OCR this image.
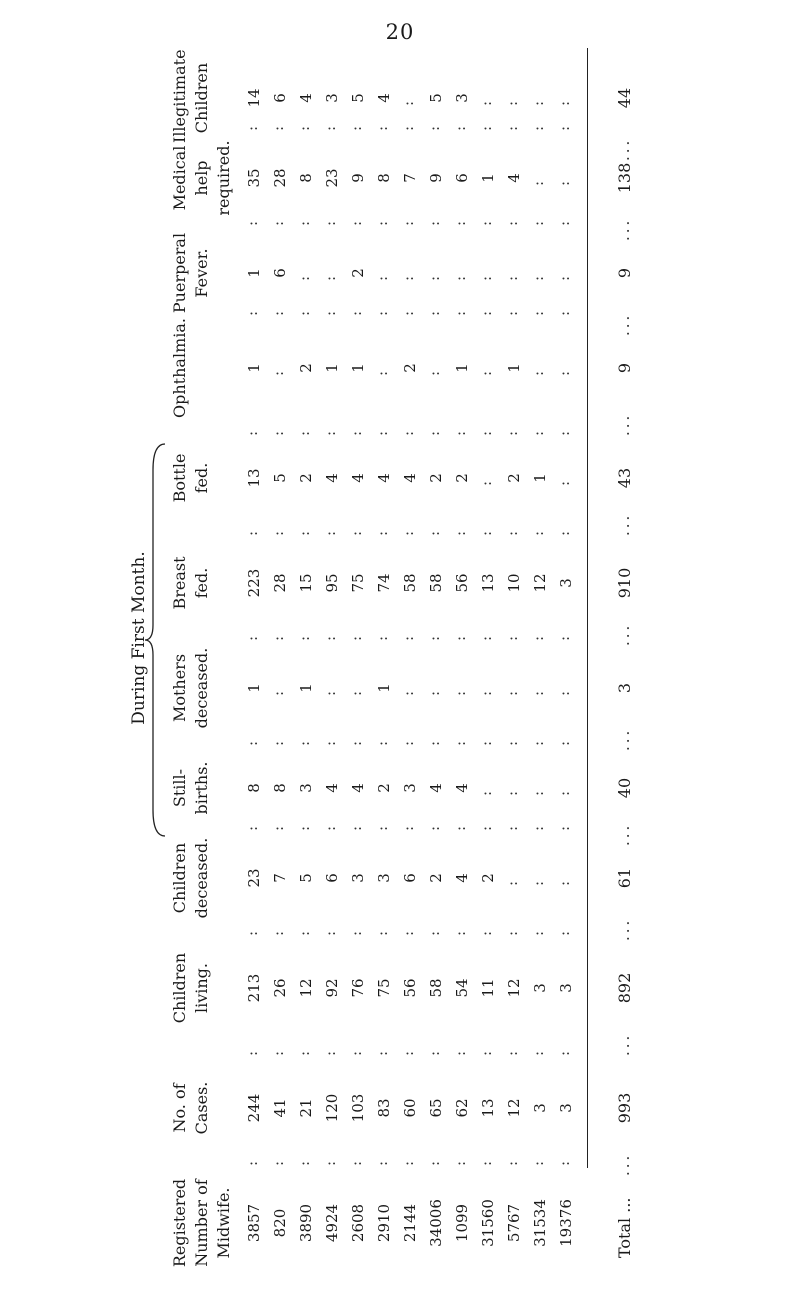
20
During First Month.
Registered Number of Midwife.
No. of Cases.
Children living.
Children deceased.
Still- births.
Mothers deceased.
Breast fed.
Bottle fed.
Ophthalmia.
Puerperal Fever.
Medical help required.
Illegitimate Children
3857
:
244
:
213
:
23
:
8
:
1
:
223
:
13
:
1
:
1
:
35
:
14
820
:
41
:
26
:
7
:
8
:
:
:
28
:
5
:
:
:
6
:
28
:
6
3890
:
21
:
12
:
5
:
3
:
1
:
15
:
2
:
2
:
:
:
8
:
4
4924
:
120
:
92
:
6
:
4
:
:
:
95
:
4
:
1
:
:
:
23
:
3
2608
:
103
:
76
:
3
:
4
:
:
:
75
:
4
:
1
:
2
:
9
:
5
2910
:
83
:
75
:
3
:
2
:
1
:
74
:
4
:
:
:
:
:
8
:
4
2144
:
60
:
56
:
6
:
3
:
:
:
58
:
4
:
2
:
:
:
7
:
:
34006
:
65
:
58
:
2
:
4
:
:
:
58
:
2
:
:
:
:
:
9
:
5
1099
:
62
:
54
:
4
:
4
:
:
:
56
:
2
:
1
:
:
:
6
:
3
31560
:
13
:
11
:
2
:
:
:
:
:
13
:
:
:
:
:
:
:
1
:
:
5767
:
12
:
12
:
:
:
:
:
:
:
10
:
2
:
1
:
:
:
4
:
:
31534
:
3
:
3
:
:
:
:
:
:
:
12
:
1
:
:
:
:
:
:
:
:
19376
:
3
:
3
:
:
:
:
:
:
:
3
:
:
:
:
:
:
:
:
:
:
Total ...
993
...
892
...
61
...
40
...
3
...
910
...
43
...
9
...
9
...
138
...
44
...
